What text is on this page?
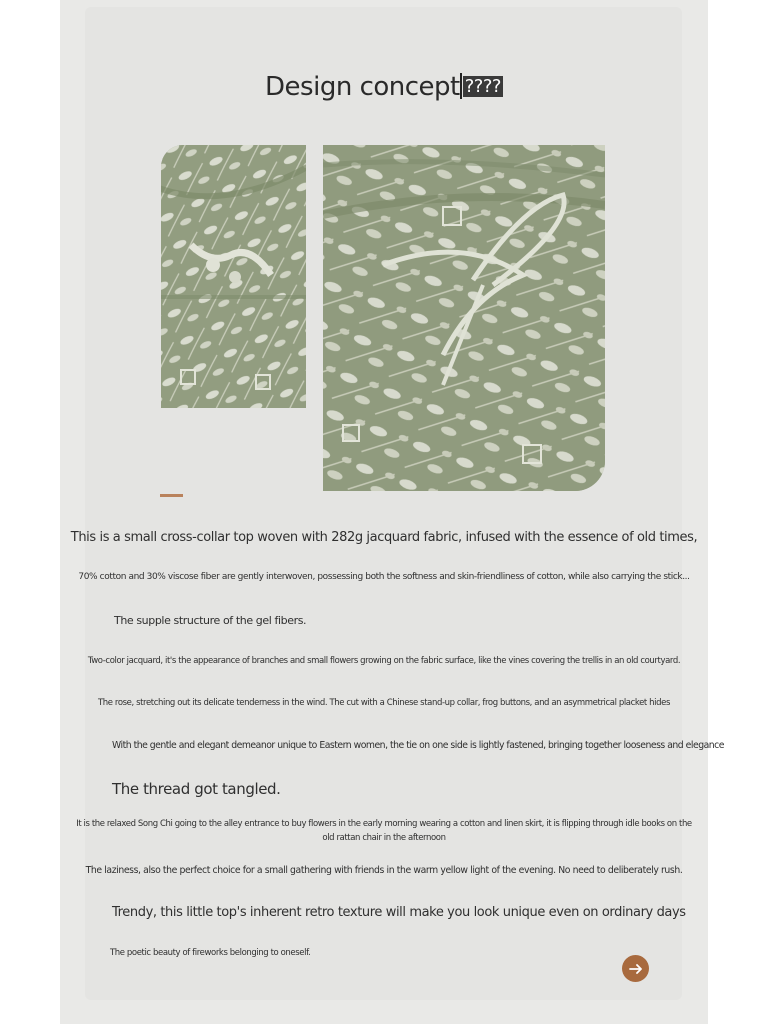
Design concept ????
This is a small cross-collar top woven with 282g jacquard fabric, infused with the essence of old times,
70% cotton and 30% viscose fiber are gently interwoven, possessing both the softness and skin-friendliness of cotton, while also carrying the stick...
The supple structure of the gel fibers.
Two-color jacquard, it's the appearance of branches and small flowers growing on the fabric surface, like the vines covering the trellis in an old courtyard.
The rose, stretching out its delicate tenderness in the wind. The cut with a Chinese stand-up collar, frog buttons, and an asymmetrical placket hides
With the gentle and elegant demeanor unique to Eastern women, the tie on one side is lightly fastened, bringing together looseness and elegance
The thread got tangled.
It is the relaxed Song Chi going to the alley entrance to buy flowers in the early morning wearing a cotton and linen skirt, it is flipping through idle books on the old rattan chair in the afternoon
The laziness, also the perfect choice for a small gathering with friends in the warm yellow light of the evening. No need to deliberately rush.
Trendy, this little top's inherent retro texture will make you look unique even on ordinary days
The poetic beauty of fireworks belonging to oneself.
